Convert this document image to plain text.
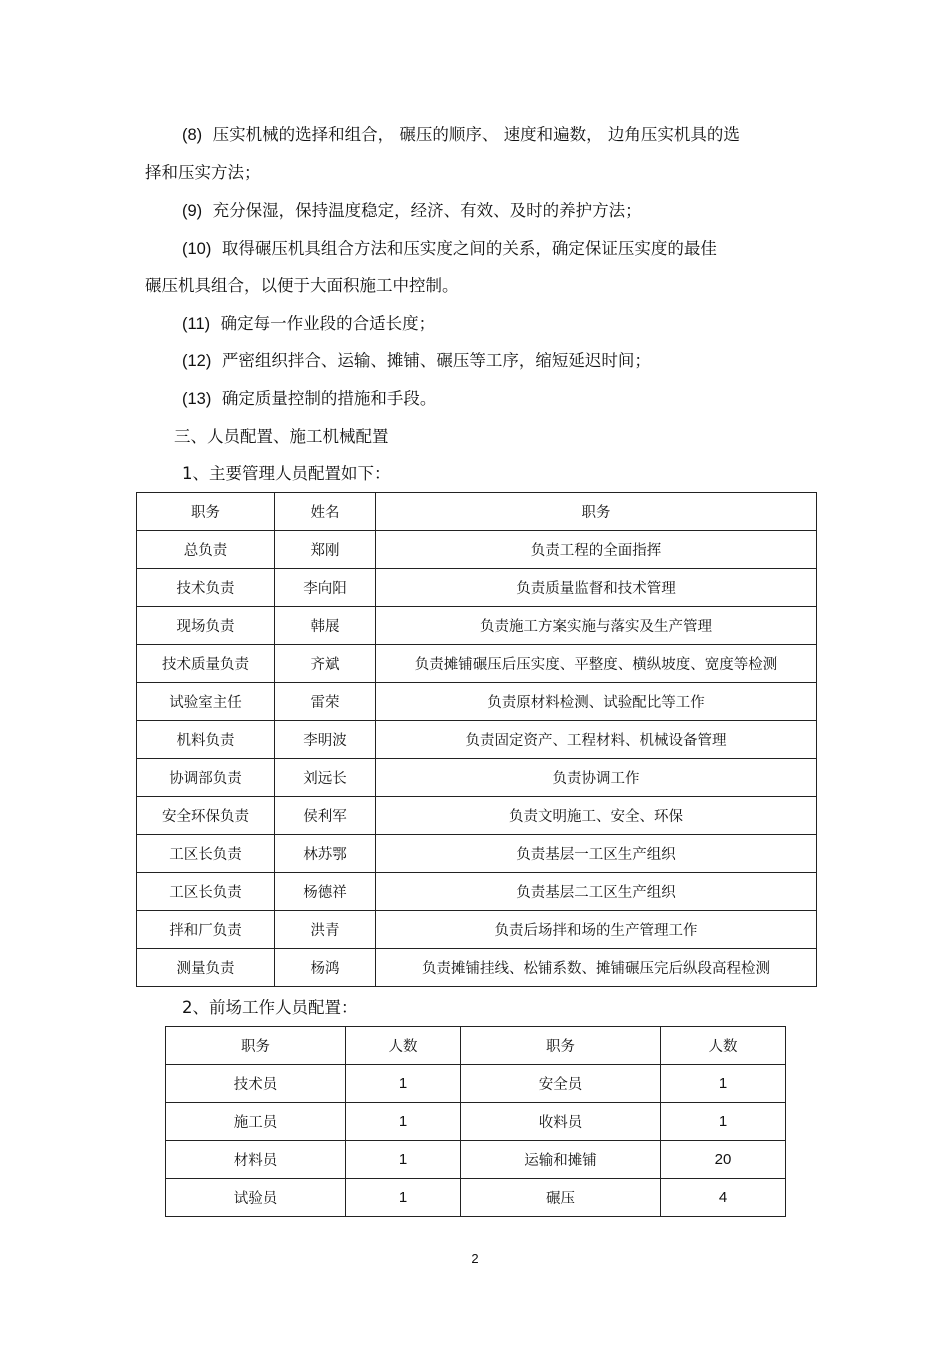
(8) 压实机械的选择和组合， 碾压的顺序、 速度和遍数， 边角压实机具的选
择和压实方法；
(9) 充分保湿，保持温度稳定，经济、有效、及时的养护方法；
(10) 取得碾压机具组合方法和压实度之间的关系，确定保证压实度的最佳
碾压机具组合，以便于大面积施工中控制。
(11) 确定每一作业段的合适长度；
(12) 严密组织拌合、运输、摊铺、碾压等工序，缩短延迟时间；
(13) 确定质量控制的措施和手段。
三、人员配置、施工机械配置
1、主要管理人员配置如下：
职务	姓名	职务
总负责	郑刚	负责工程的全面指挥
技术负责	李向阳	负责质量监督和技术管理
现场负责	韩展	负责施工方案实施与落实及生产管理
技术质量负责	齐斌	负责摊铺碾压后压实度、平整度、横纵坡度、宽度等检测
试验室主任	雷荣	负责原材料检测、试验配比等工作
机料负责	李明波	负责固定资产、工程材料、机械设备管理
协调部负责	刘远长	负责协调工作
安全环保负责	侯利军	负责文明施工、安全、环保
工区长负责	林苏鄂	负责基层一工区生产组织
工区长负责	杨德祥	负责基层二工区生产组织
拌和厂负责	洪青	负责后场拌和场的生产管理工作
测量负责	杨鸿	负责摊铺挂线、松铺系数、摊铺碾压完后纵段高程检测
2、前场工作人员配置：
职务	人数	职务	人数
技术员	1	安全员	1
施工员	1	收料员	1
材料员	1	运输和摊铺	20
试验员	1	碾压	4
2
